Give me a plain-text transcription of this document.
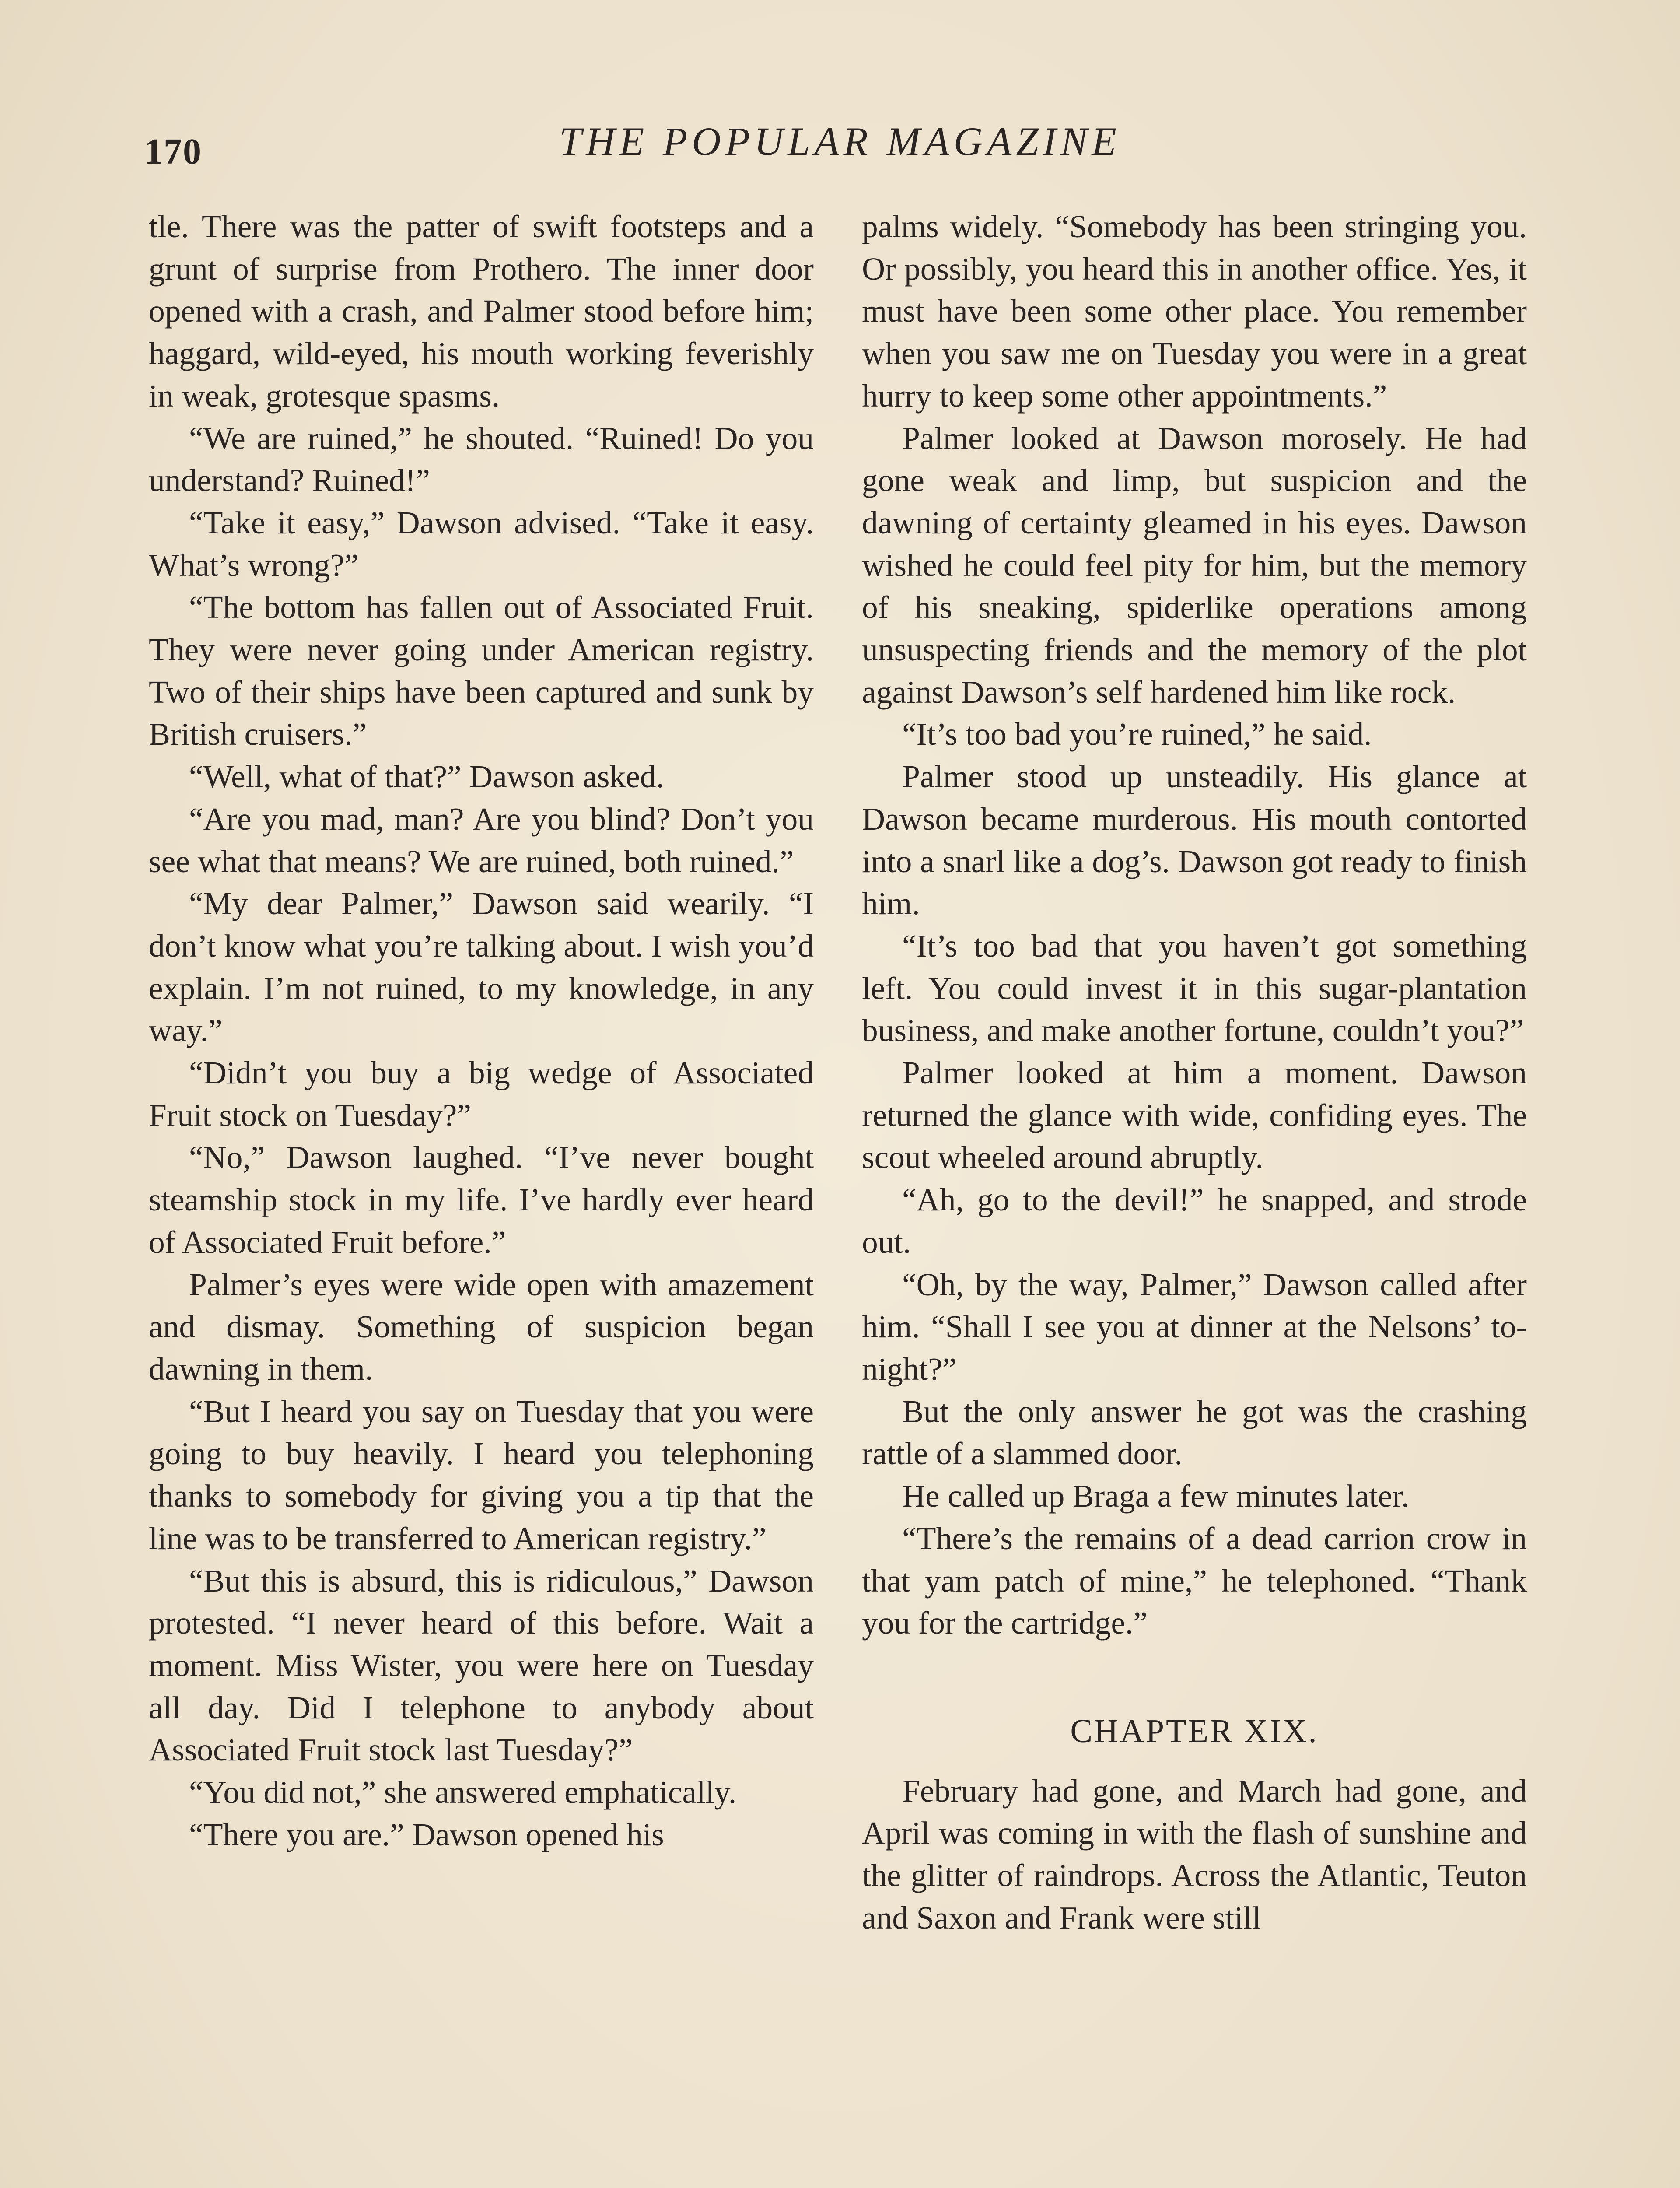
170	THE POPULAR MAGAZINE

tle. There was the patter of swift footsteps and a grunt of surprise from Prothero. The inner door opened with a crash, and Palmer stood before him; haggard, wild-eyed, his mouth working feverishly in weak, grotesque spasms.

“We are ruined,” he shouted. “Ruined! Do you understand? Ruined!”

“Take it easy,” Dawson advised. “Take it easy. What’s wrong?”

“The bottom has fallen out of Associated Fruit. They were never going under American registry. Two of their ships have been captured and sunk by British cruisers.”

“Well, what of that?” Dawson asked.

“Are you mad, man? Are you blind? Don’t you see what that means? We are ruined, both ruined.”

“My dear Palmer,” Dawson said wearily. “I don’t know what you’re talking about. I wish you’d explain. I’m not ruined, to my knowledge, in any way.”

“Didn’t you buy a big wedge of Associated Fruit stock on Tuesday?”

“No,” Dawson laughed. “I’ve never bought steamship stock in my life. I’ve hardly ever heard of Associated Fruit before.”

Palmer’s eyes were wide open with amazement and dismay. Something of suspicion began dawning in them.

“But I heard you say on Tuesday that you were going to buy heavily. I heard you telephoning thanks to somebody for giving you a tip that the line was to be transferred to American registry.”

“But this is absurd, this is ridiculous,” Dawson protested. “I never heard of this before. Wait a moment. Miss Wister, you were here on Tuesday all day. Did I telephone to anybody about Associated Fruit stock last Tuesday?”

“You did not,” she answered emphatically.

“There you are.” Dawson opened his

palms widely. “Somebody has been stringing you. Or possibly, you heard this in another office. Yes, it must have been some other place. You remember when you saw me on Tuesday you were in a great hurry to keep some other appointments.”

Palmer looked at Dawson morosely. He had gone weak and limp, but suspicion and the dawning of certainty gleamed in his eyes. Dawson wished he could feel pity for him, but the memory of his sneaking, spiderlike operations among unsuspecting friends and the memory of the plot against Dawson’s self hardened him like rock.

“It’s too bad you’re ruined,” he said.

Palmer stood up unsteadily. His glance at Dawson became murderous. His mouth contorted into a snarl like a dog’s. Dawson got ready to finish him.

“It’s too bad that you haven’t got something left. You could invest it in this sugar-plantation business, and make another fortune, couldn’t you?”

Palmer looked at him a moment. Dawson returned the glance with wide, confiding eyes. The scout wheeled around abruptly.

“Ah, go to the devil!” he snapped, and strode out.

“Oh, by the way, Palmer,” Dawson called after him. “Shall I see you at dinner at the Nelsons’ to-night?”

But the only answer he got was the crashing rattle of a slammed door.

He called up Braga a few minutes later.

“There’s the remains of a dead carrion crow in that yam patch of mine,” he telephoned. “Thank you for the cartridge.”

CHAPTER XIX.

February had gone, and March had gone, and April was coming in with the flash of sunshine and the glitter of raindrops. Across the Atlantic, Teuton and Saxon and Frank were still
